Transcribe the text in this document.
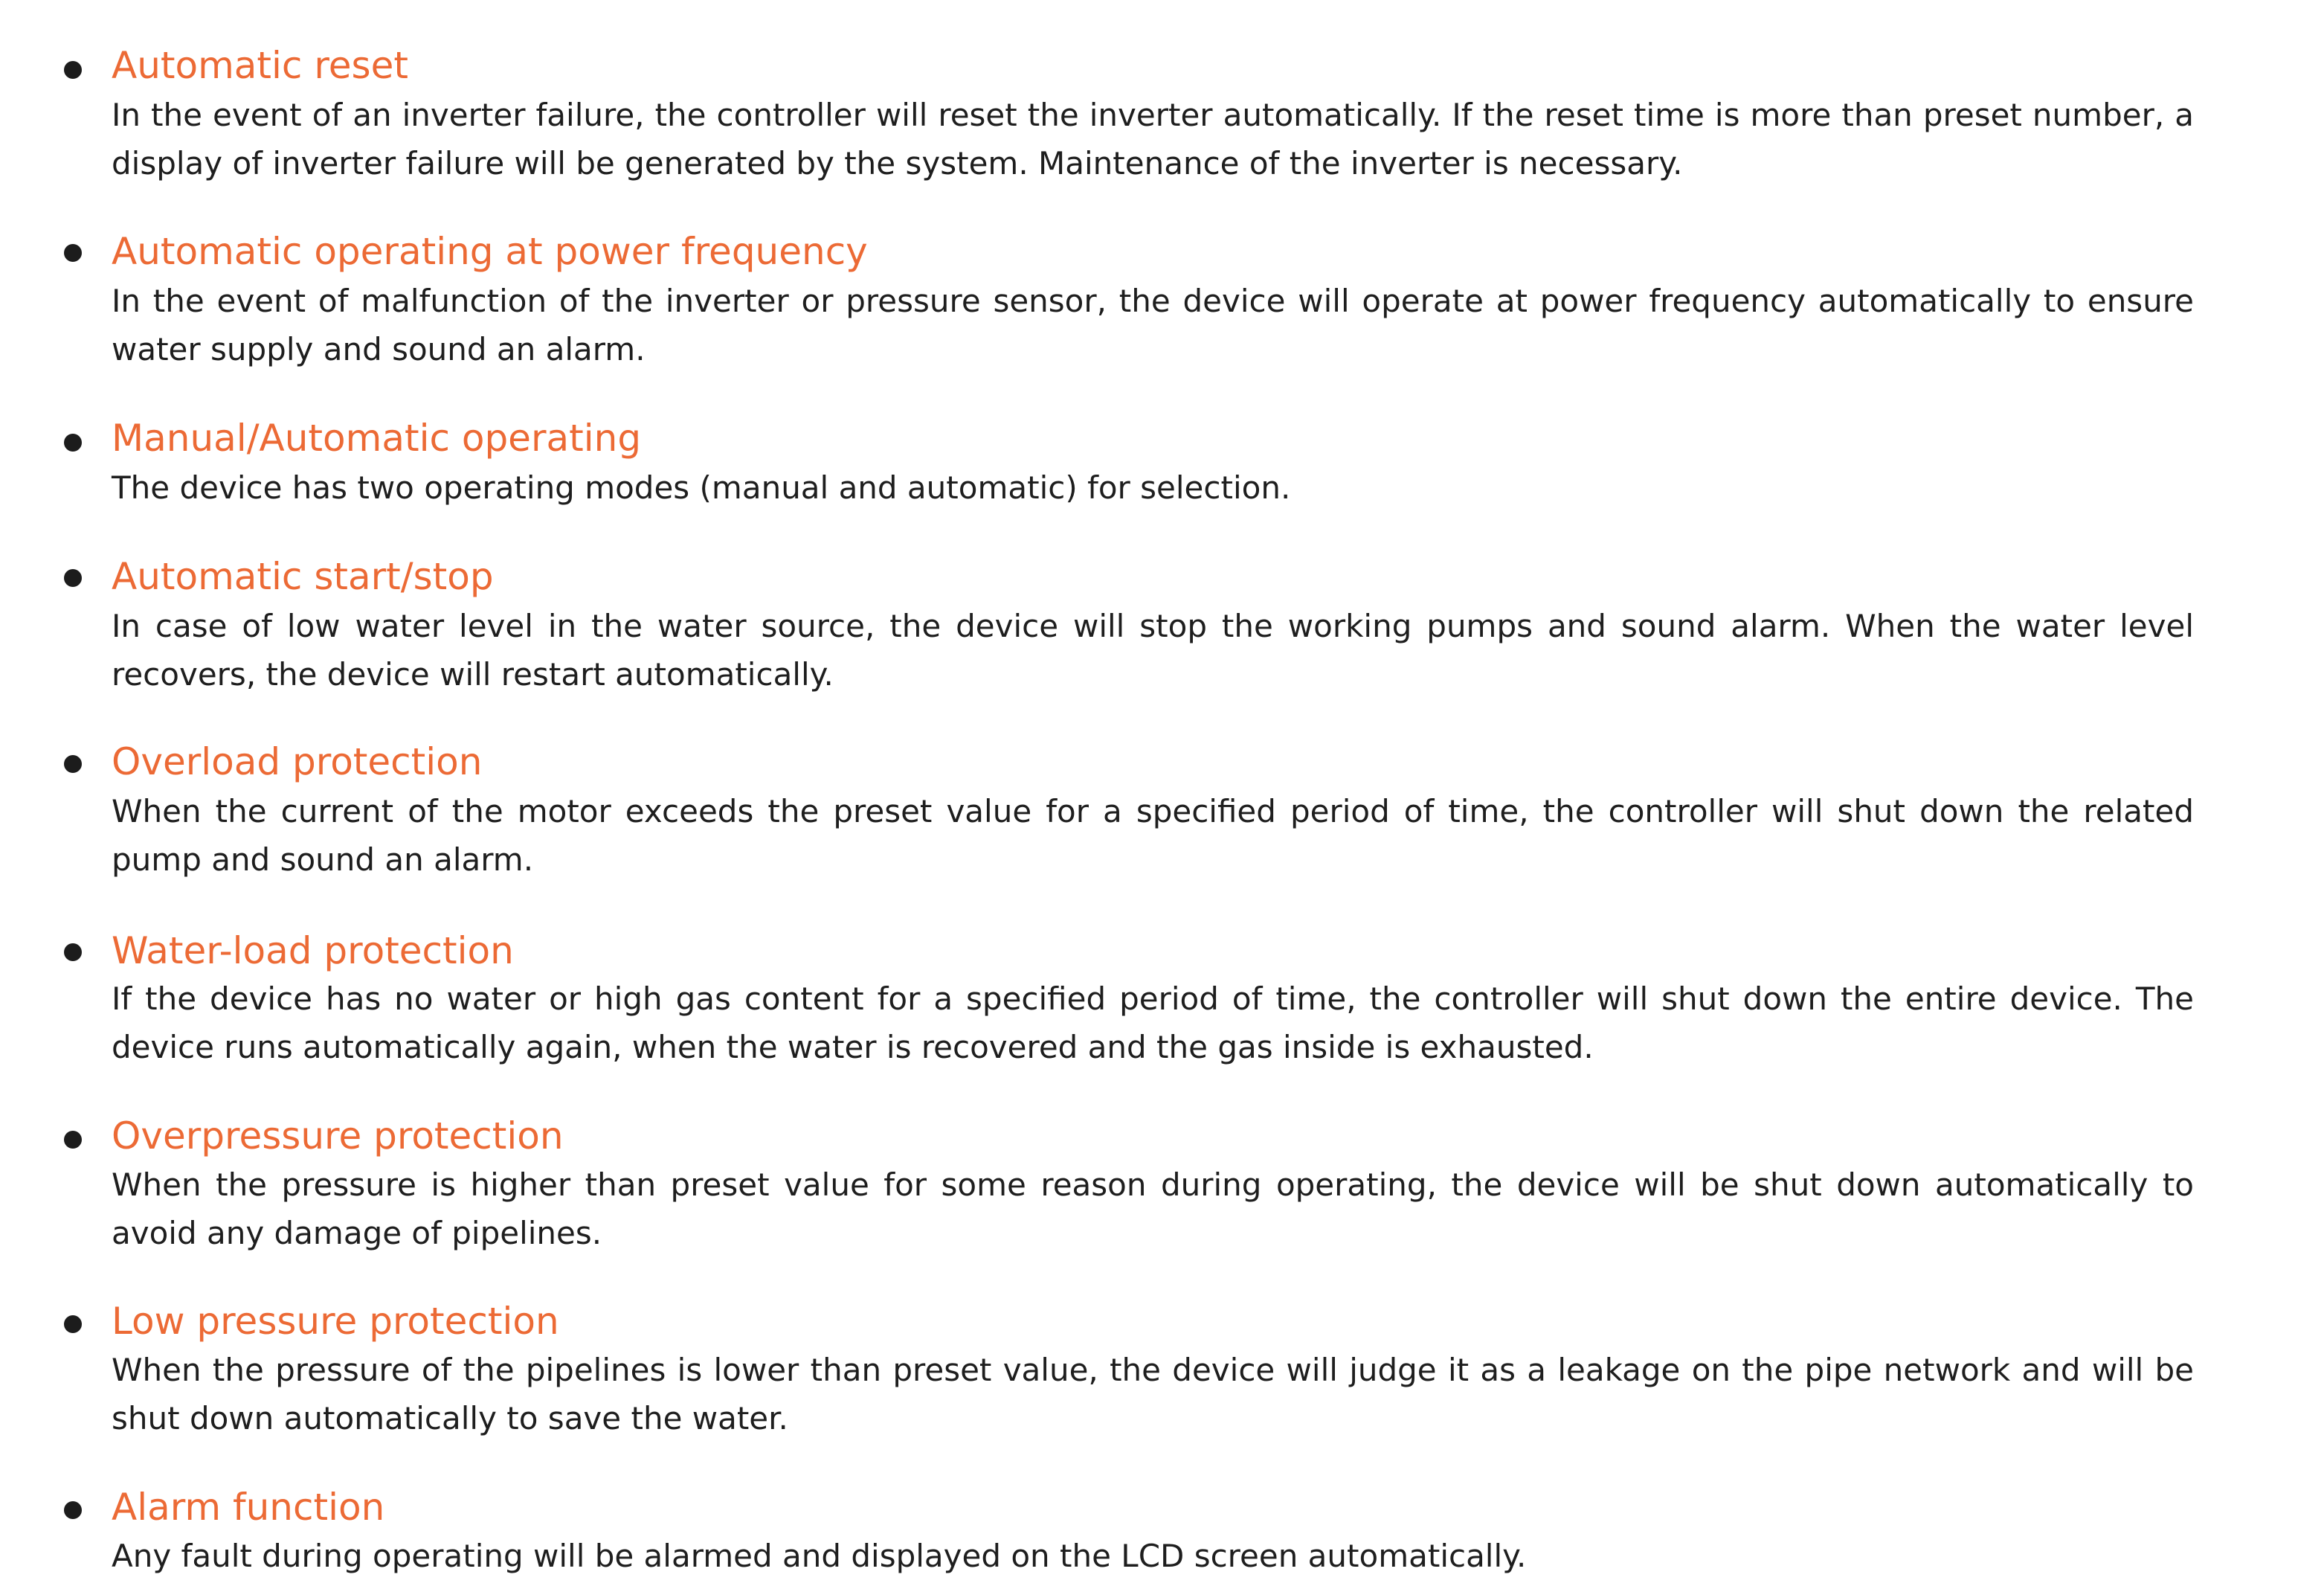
Automatic reset

In the event of an inverter failure, the controller will reset the inverter automatically. If the reset time is more than preset number, a display of inverter failure will be generated by the system. Maintenance of the inverter is necessary.

Automatic operating at power frequency

In the event of malfunction of the inverter or pressure sensor, the device will operate at power frequency automatically to ensure water supply and sound an alarm.

Manual/Automatic operating

The device has two operating modes (manual and automatic) for selection.

Automatic start/stop

In case of low water level in the water source, the device will stop the working pumps and sound alarm. When the water level recovers, the device will restart automatically.

Overload protection

When the current of the motor exceeds the preset value for a specified period of time, the controller will shut down the related pump and sound an alarm.

Water-load protection

If the device has no water or high gas content for a specified period of time, the controller will shut down the entire device. The device runs automatically again, when the water is recovered and the gas inside is exhausted.

Overpressure protection

When the pressure is higher than preset value for some reason during operating, the device will be shut down automatically to avoid any damage of pipelines.

Low pressure protection

When the pressure of the pipelines is lower than preset value, the device will judge it as a leakage on the pipe network and will be shut down automatically to save the water.

Alarm function

Any fault during operating will be alarmed and displayed on the LCD screen automatically.
